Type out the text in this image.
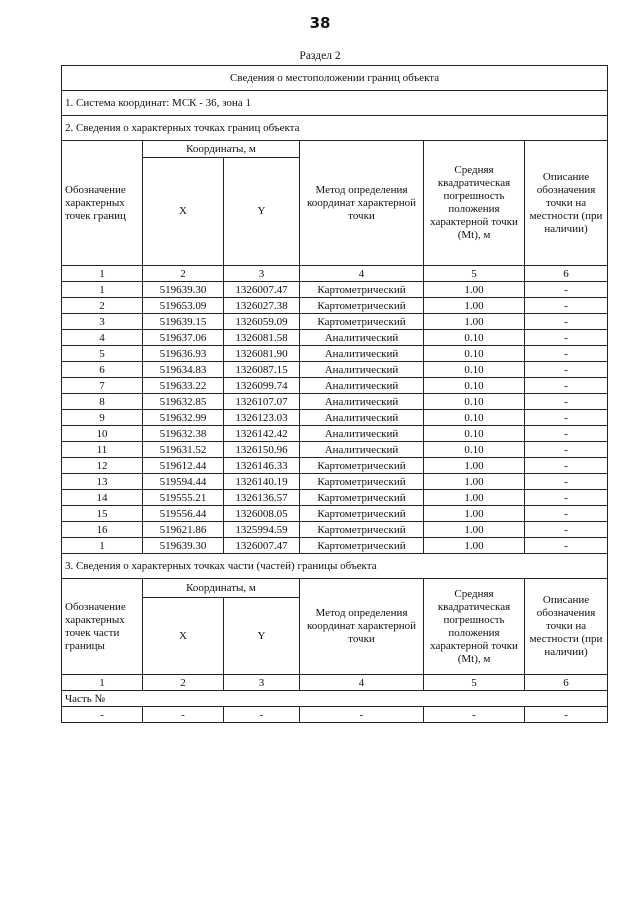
38
Раздел 2
Сведения о местоположении границ объекта					
1. Система координат: МСК - 36, зона 1					
2. Сведения о характерных точках границ объекта					
Обозначение характерных точек границ	Координаты, м		Метод определения координат характерной точки	Средняя квадратическая погрешность положения характерной точки (Mt), м	Описание обозначения точки на местности (при наличии)
	X	Y			
1	2	3	4	5	6
1	519639.30	1326007.47	Картометрический	1.00	-
2	519653.09	1326027.38	Картометрический	1.00	-
3	519639.15	1326059.09	Картометрический	1.00	-
4	519637.06	1326081.58	Аналитический	0.10	-
5	519636.93	1326081.90	Аналитический	0.10	-
6	519634.83	1326087.15	Аналитический	0.10	-
7	519633.22	1326099.74	Аналитический	0.10	-
8	519632.85	1326107.07	Аналитический	0.10	-
9	519632.99	1326123.03	Аналитический	0.10	-
10	519632.38	1326142.42	Аналитический	0.10	-
11	519631.52	1326150.96	Аналитический	0.10	-
12	519612.44	1326146.33	Картометрический	1.00	-
13	519594.44	1326140.19	Картометрический	1.00	-
14	519555.21	1326136.57	Картометрический	1.00	-
15	519556.44	1326008.05	Картометрический	1.00	-
16	519621.86	1325994.59	Картометрический	1.00	-
1	519639.30	1326007.47	Картометрический	1.00	-
3. Сведения о характерных точках части (частей) границы объекта					

Обозначение характерных точек части
границы	Координаты, м		Метод определения координат характерной точки	Средняя квадратическая погрешность положения характерной точки (Mt), м	Описание обозначения точки на местности (при наличии)
	X	Y			
1	2	3	4	5	6
Часть №					
-	-	-	-	-	-
